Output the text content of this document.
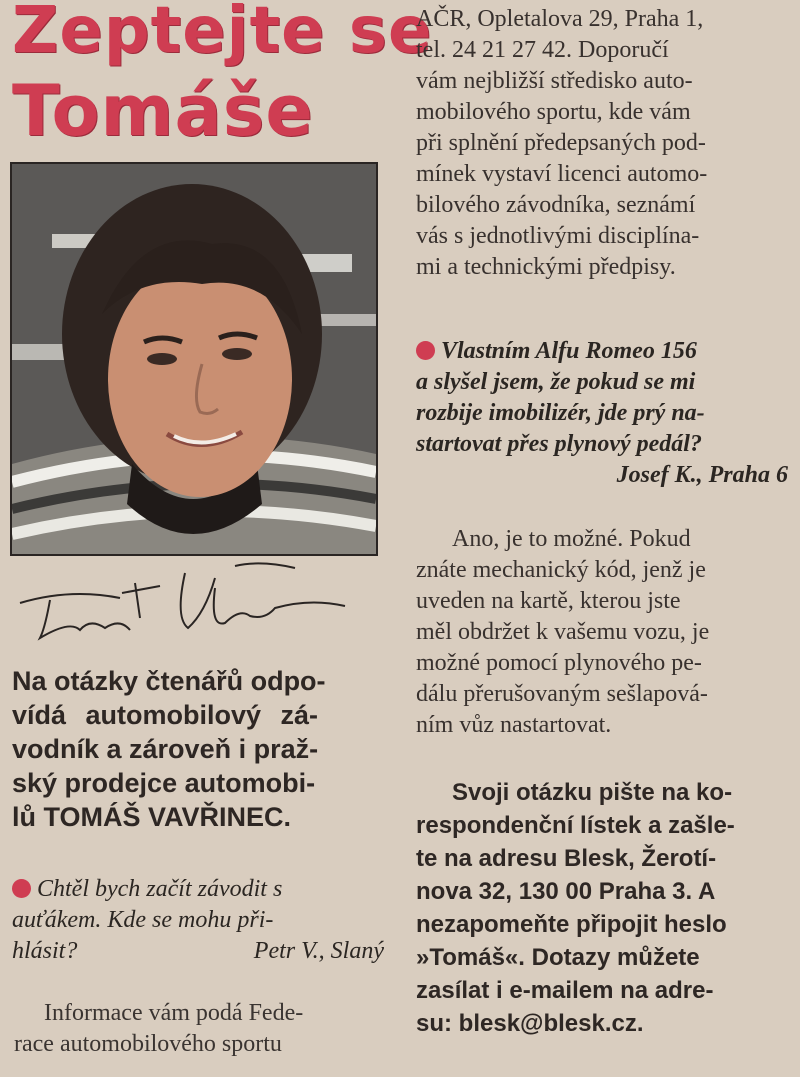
Zeptejte se
Tomáše

Na otázky čtenářů odpo-

vídá automobilový zá-

vodník a zároveň i praž-

ský prodejce automobi-

lů TOMÁŠ VAVŘINEC.

Chtěl bych začít závodit s

auťákem. Kde se mohu při-

hlásit?	Petr V., Slaný

Informace vám podá Fede-

race automobilového sportu

AČR, Opletalova 29, Praha 1,

tel. 24 21 27 42. Doporučí

vám nejbližší středisko auto-

mobilového sportu, kde vám

při splnění předepsaných pod-

mínek vystaví licenci automo-

bilového závodníka, seznámí

vás s jednotlivými disciplína-

mi a technickými předpisy.

Vlastním Alfu Romeo 156

a slyšel jsem, že pokud se mi

rozbije imobilizér, jde prý na-

startovat přes plynový pedál?

Josef K., Praha 6

Ano, je to možné. Pokud

znáte mechanický kód, jenž je

uveden na kartě, kterou jste

měl obdržet k vašemu vozu, je

možné pomocí plynového pe-

dálu přerušovaným sešlapová-

ním vůz nastartovat.

Svoji otázku pište na ko-

respondenční lístek a zašle-

te na adresu Blesk, Žerotí-

nova 32, 130 00 Praha 3. A

nezapomeňte připojit heslo

»Tomáš«. Dotazy můžete

zasílat i e-mailem na adre-

su: blesk@blesk.cz.
